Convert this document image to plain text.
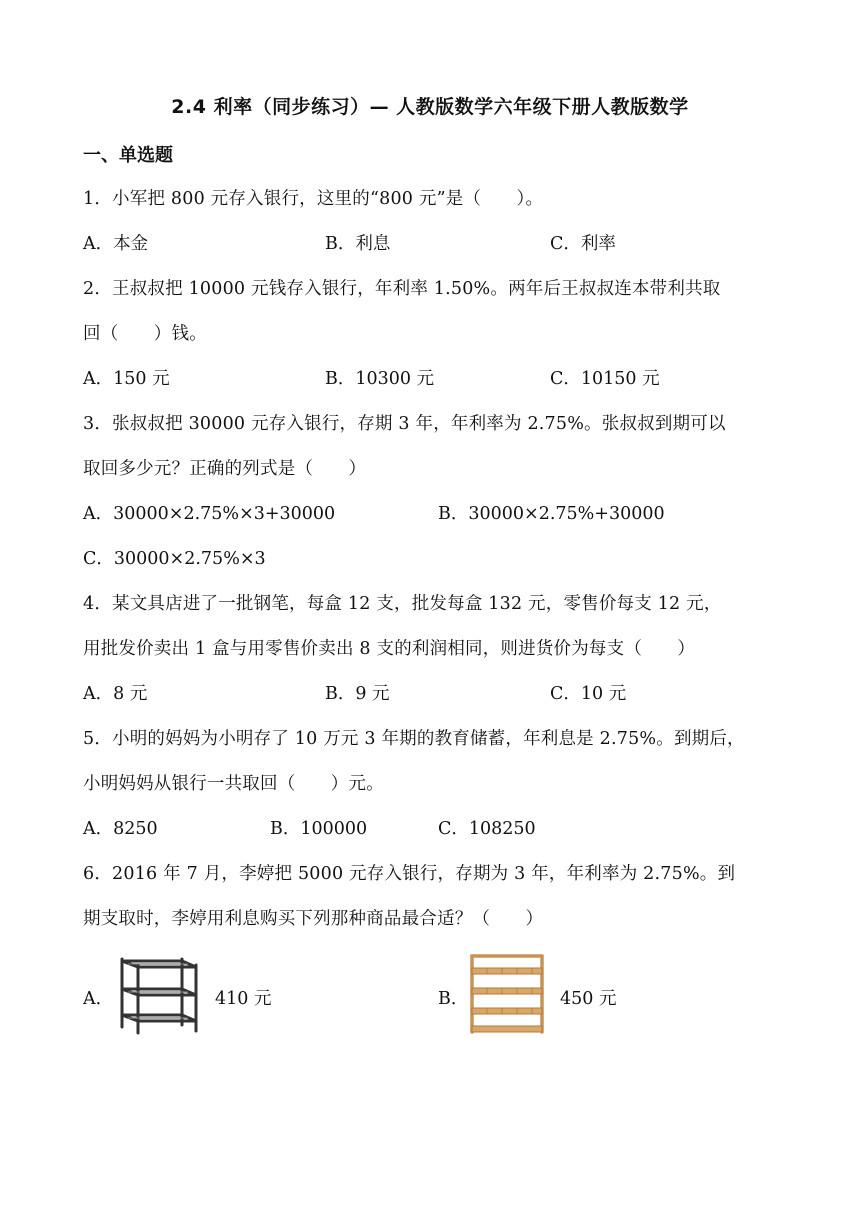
2.4 利率（同步练习）— 人教版数学六年级下册人教版数学
一、单选题
1．小军把 800 元存入银行，这里的“800 元”是（　　）。
A．本金	B．利息	C．利率
2．王叔叔把 10000 元钱存入银行，年利率 1.50%。两年后王叔叔连本带利共取
回（　　）钱。
A．150 元	B．10300 元	C．10150 元
3．张叔叔把 30000 元存入银行，存期 3 年，年利率为 2.75%。张叔叔到期可以
取回多少元？正确的列式是（　　）
A．30000×2.75%×3+30000	B．30000×2.75%+30000
C．30000×2.75%×3
4．某文具店进了一批钢笔，每盒 12 支，批发每盒 132 元，零售价每支 12 元，
用批发价卖出 1 盒与用零售价卖出 8 支的利润相同，则进货价为每支（　　）
A．8 元	B．9 元	C．10 元
5．小明的妈妈为小明存了 10 万元 3 年期的教育储蓄，年利息是 2.75%。到期后，
小明妈妈从银行一共取回（　　）元。
A．8250	B．100000	C．108250
6．2016 年 7 月，李婷把 5000 元存入银行，存期为 3 年，年利率为 2.75%。到
期支取时，李婷用利息购买下列那种商品最合适？（　　）
A．	410 元	B．	450 元
